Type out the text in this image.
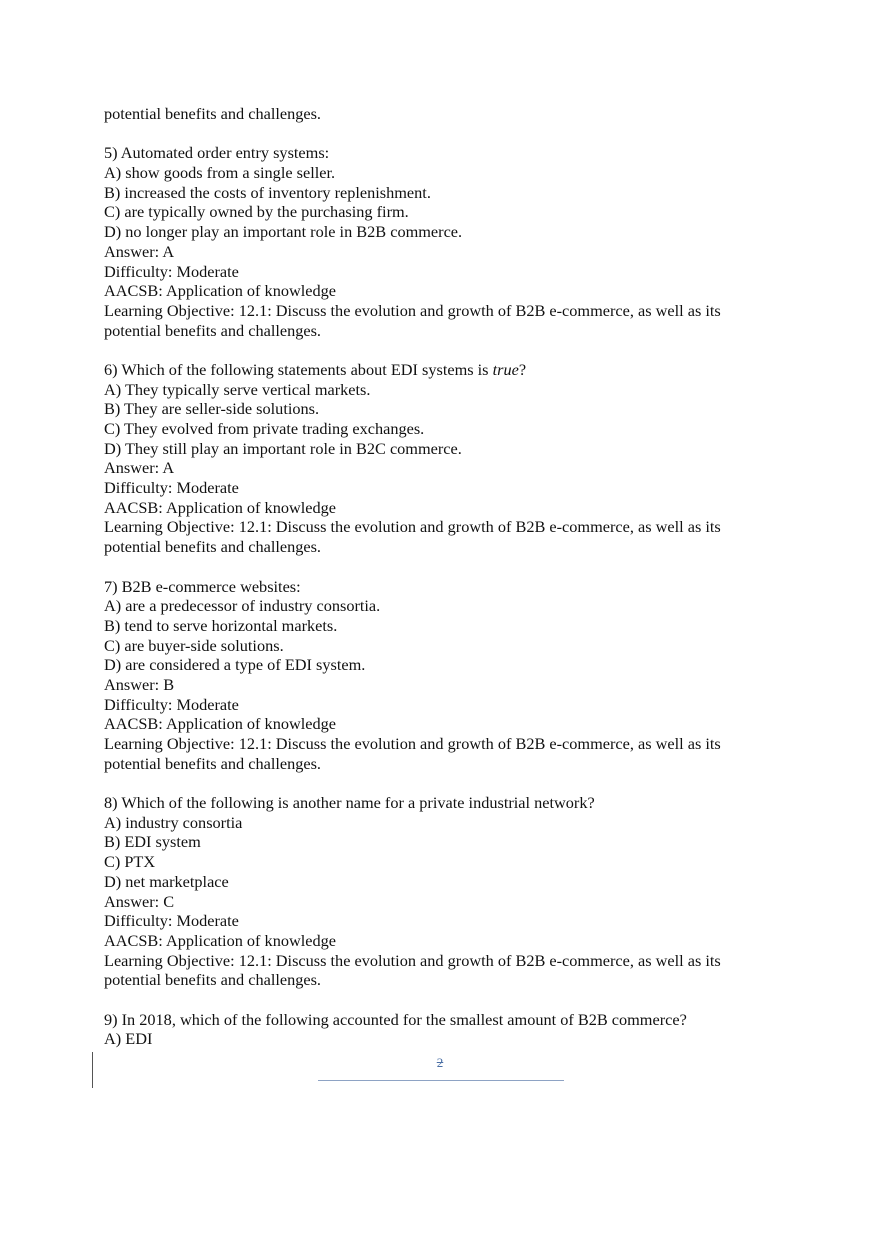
potential benefits and challenges.
5) Automated order entry systems:
A) show goods from a single seller.
B) increased the costs of inventory replenishment.
C) are typically owned by the purchasing firm.
D) no longer play an important role in B2B commerce.
Answer: A
Difficulty: Moderate
AACSB: Application of knowledge
Learning Objective: 12.1: Discuss the evolution and growth of B2B e-commerce, as well as its
potential benefits and challenges.
6) Which of the following statements about EDI systems is true?
A) They typically serve vertical markets.
B) They are seller-side solutions.
C) They evolved from private trading exchanges.
D) They still play an important role in B2C commerce.
Answer: A
Difficulty: Moderate
AACSB: Application of knowledge
Learning Objective: 12.1: Discuss the evolution and growth of B2B e-commerce, as well as its
potential benefits and challenges.
7) B2B e-commerce websites:
A) are a predecessor of industry consortia.
B) tend to serve horizontal markets.
C) are buyer-side solutions.
D) are considered a type of EDI system.
Answer: B
Difficulty: Moderate
AACSB: Application of knowledge
Learning Objective: 12.1: Discuss the evolution and growth of B2B e-commerce, as well as its
potential benefits and challenges.
8) Which of the following is another name for a private industrial network?
A) industry consortia
B) EDI system
C) PTX
D) net marketplace
Answer: C
Difficulty: Moderate
AACSB: Application of knowledge
Learning Objective: 12.1: Discuss the evolution and growth of B2B e-commerce, as well as its
potential benefits and challenges.
9) In 2018, which of the following accounted for the smallest amount of B2B commerce?
A) EDI
2
